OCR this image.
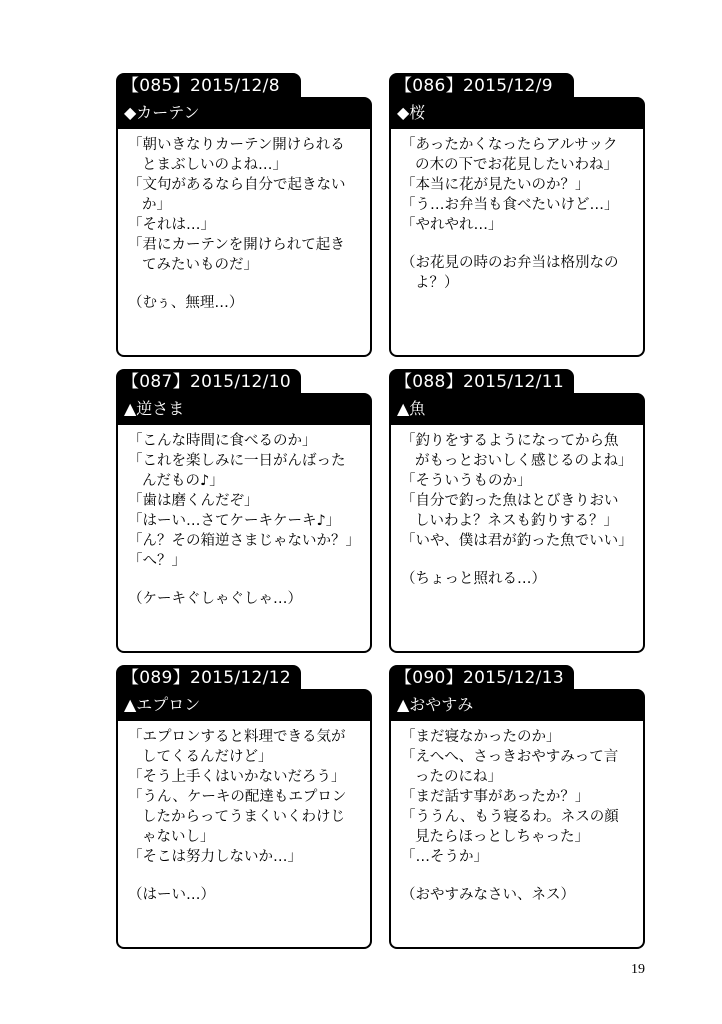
【085】2015/12/8
◆カーテン
「朝いきなりカーテン開けられる
とまぶしいのよね…」
「文句があるなら自分で起きない
か」
「それは…」
「君にカーテンを開けられて起き
てみたいものだ」
（むぅ、無理…）
【086】2015/12/9
◆桜
「あったかくなったらアルサック
の木の下でお花見したいわね」
「本当に花が見たいのか？」
「う…お弁当も食べたいけど…」
「やれやれ…」
（お花見の時のお弁当は格別なの
よ？）
【087】2015/12/10
▲逆さま
「こんな時間に食べるのか」
「これを楽しみに一日がんばった
んだもの♪」
「歯は磨くんだぞ」
「はーい…さてケーキケーキ♪」
「ん？その箱逆さまじゃないか？」
「へ？」
（ケーキぐしゃぐしゃ…）
【088】2015/12/11
▲魚
「釣りをするようになってから魚
がもっとおいしく感じるのよね」
「そういうものか」
「自分で釣った魚はとびきりおい
しいわよ？ネスも釣りする？」
「いや、僕は君が釣った魚でいい」
（ちょっと照れる…）
【089】2015/12/12
▲エプロン
「エプロンすると料理できる気が
してくるんだけど」
「そう上手くはいかないだろう」
「うん、ケーキの配達もエプロン
したからってうまくいくわけじ
ゃないし」
「そこは努力しないか…」
（はーい…）
【090】2015/12/13
▲おやすみ
「まだ寝なかったのか」
「えへへ、さっきおやすみって言
ったのにね」
「まだ話す事があったか？」
「ううん、もう寝るわ。ネスの顔
見たらほっとしちゃった」
「…そうか」
（おやすみなさい、ネス）
19
